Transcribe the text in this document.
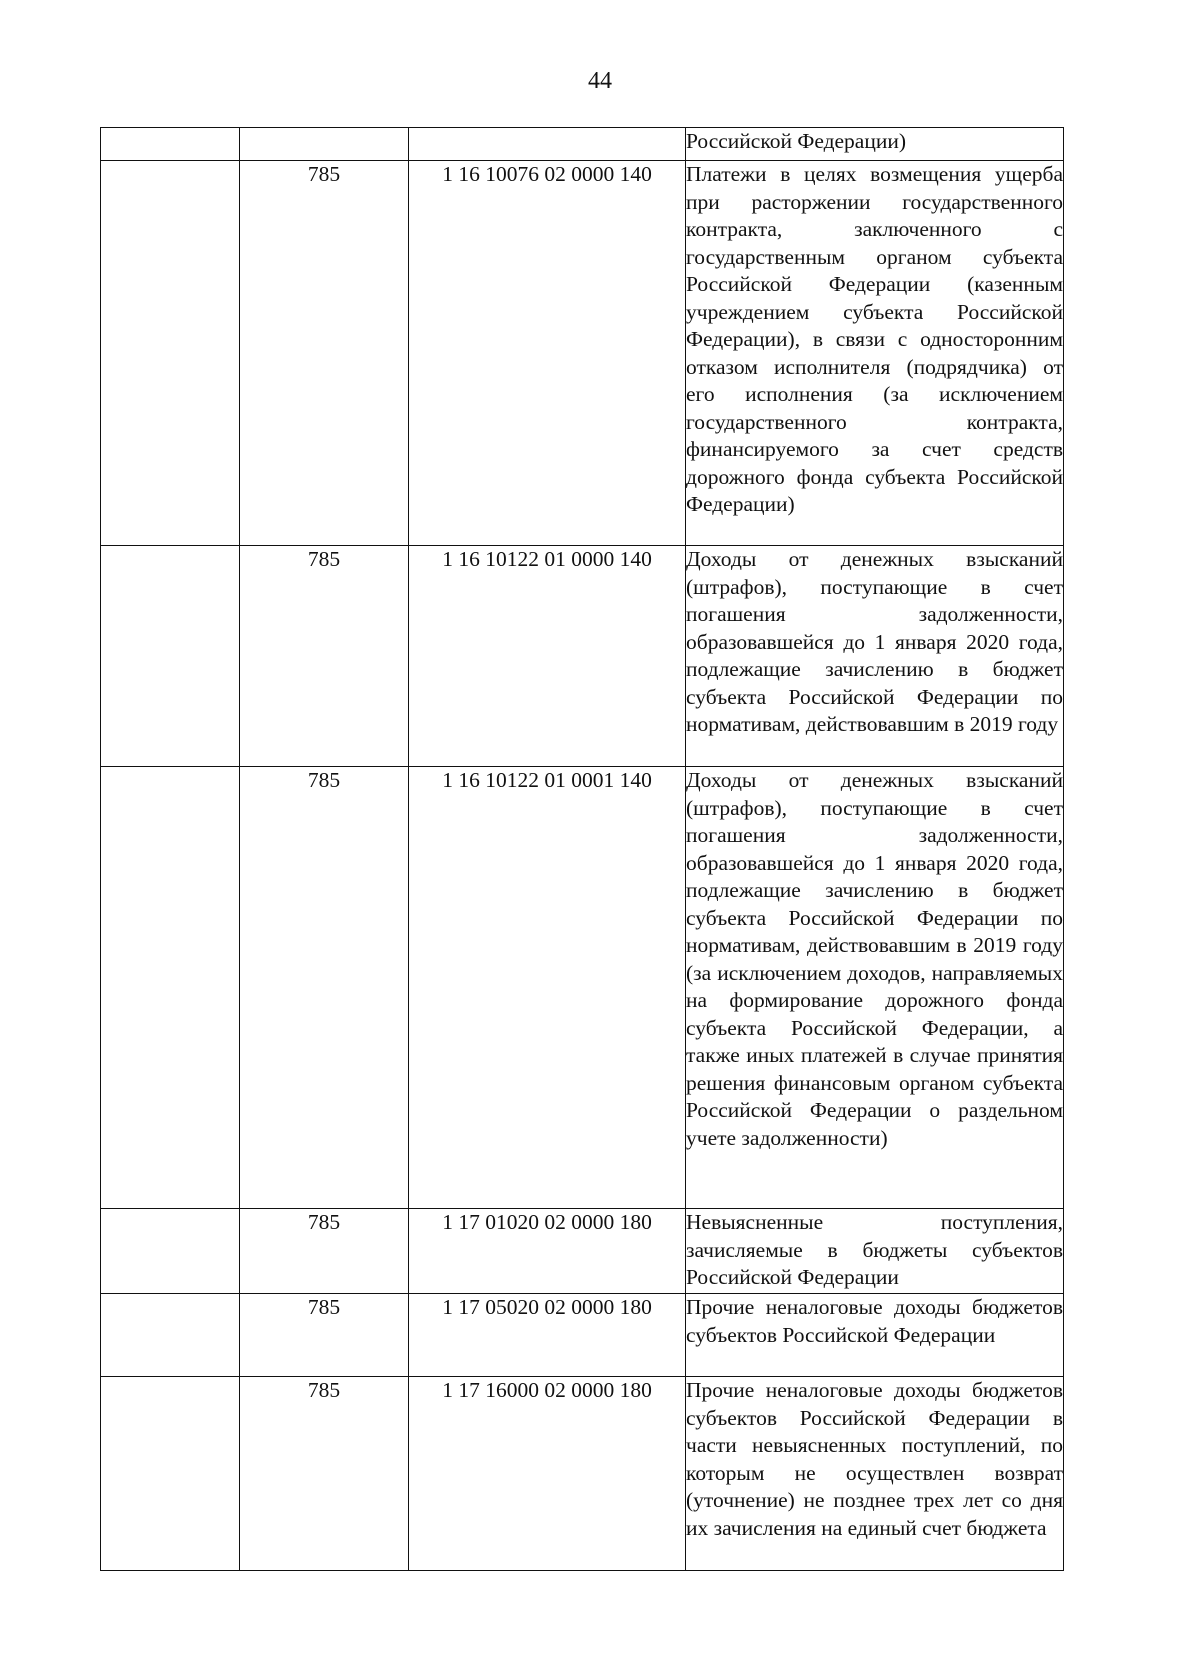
44

			Российской Федерации)

	785	1 16 10076 02 0000 140	Платежи в целях возмещения ущерба при расторжении государственного контракта, заключенного с государственным органом субъекта Российской Федерации (казенным учреждением субъекта Российской Федерации), в связи с односторонним отказом исполнителя (подрядчика) от его исполнения (за исключением государственного контракта, финансируемого за счет средств дорожного фонда субъекта Российской Федерации)

	785	1 16 10122 01 0000 140	Доходы от денежных взысканий (штрафов), поступающие в счет погашения задолженности, образовавшейся до 1 января 2020 года, подлежащие зачислению в бюджет субъекта Российской Федерации по нормативам, действовавшим в 2019 году

	785	1 16 10122 01 0001 140	Доходы от денежных взысканий (штрафов), поступающие в счет погашения задолженности, образовавшейся до 1 января 2020 года, подлежащие зачислению в бюджет субъекта Российской Федерации по нормативам, действовавшим в 2019 году (за исключением доходов, направляемых на формирование дорожного фонда субъекта Российской Федерации, а также иных платежей в случае принятия решения финансовым органом субъекта Российской Федерации о раздельном учете задолженности)

	785	1 17 01020 02 0000 180	Невыясненные поступления, зачисляемые в бюджеты субъектов Российской Федерации

	785	1 17 05020 02 0000 180	Прочие неналоговые доходы бюджетов субъектов Российской Федерации

	785	1 17 16000 02 0000 180	Прочие неналоговые доходы бюджетов субъектов Российской Федерации в части невыясненных поступлений, по которым не осуществлен возврат (уточнение) не позднее трех лет со дня их зачисления на единый счет бюджета
